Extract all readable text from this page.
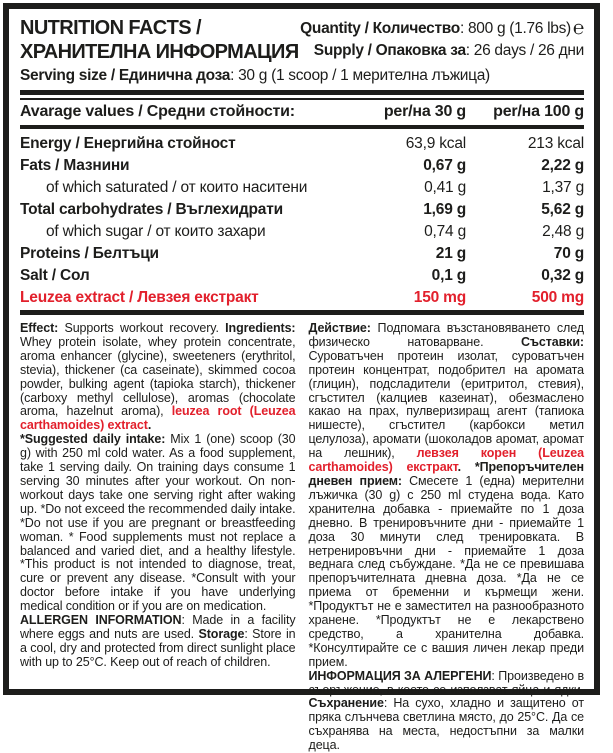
NUTRITION FACTS /
ХРАНИТЕЛНА ИНФОРМАЦИЯ
Quantity / Количество: 800 g (1.76 lbs) ℮
Supply / Опаковка за: 26 days / 26 дни
Serving size / Единична доза: 30 g (1 scoop / 1 мерителна лъжица)
Avarage values / Средни стойности:	per/на 30 g	per/на 100 g
Energy / Енергийна стойност	63,9 kcal	213 kcal
Fats / Мазнини	0,67 g	2,22 g
of which saturated / от които наситени	0,41 g	1,37 g
Total carbohydrates / Въглехидрати	1,69 g	5,62 g
of which sugar / от които захари	0,74 g	2,48 g
Proteins / Белтъци	21 g	70 g
Salt / Сол	0,1 g	0,32 g
Leuzea extract / Левзея екстракт	150 mg	500 mg

Effect: Supports workout recovery. Ingredients: Whey protein isolate, whey protein concentrate, aroma enhancer (glycine), sweeteners (erythritol, stevia), thickener (ca caseinate), skimmed cocoa powder, bulking agent (tapioka starch), thickener (carboxy methyl cellulose), aromas (chocolate aroma, hazelnut aroma), leuzea root (Leuzea carthamoides) extract.

*Suggested daily intake: Mix 1 (one) scoop (30 g) with 250 ml cold water. As a food supplement, take 1 serving daily. On training days consume 1 serving 30 minutes after your workout. On non-workout days take one serving right after waking up. *Do not exceed the recommended daily intake. *Do not use if you are pregnant or breastfeeding woman. * Food supplements must not replace a balanced and varied diet, and a healthy lifestyle. *This product is not intended to diagnose, treat, cure or prevent any disease. *Consult with your doctor before intake if you have underlying medical condition or if you are on medication.

ALLERGEN INFORMATION: Made in a facility where eggs and nuts are used. Storage: Store in a cool, dry and protected from direct sunlight place with up to 25°C. Keep out of reach of children.

Действие: Подпомага възстановяването след физическо натоварване. Съставки: Суроватъчен протеин изолат, суроватъчен протеин концентрат, подобрител на аромата (глицин), подсладители (еритритол, стевия), сгъстител (калциев казеинат), обезмаслено какао на прах, пулверизиращ агент (тапиока нишесте), сгъстител (карбокси метил целулоза), аромати (шоколадов аромат, аромат на лешник), левзея корен (Leuzea carthamoides) екстракт. *Препоръчителен дневен прием: Смесете 1 (една) мерителни лъжичка (30 g) с 250 ml студена вода. Като хранителна добавка - приемайте по 1 доза дневно. В тренировъчните дни - приемайте 1 доза 30 минути след тренировката. В нетренировъчни дни - приемайте 1 доза веднага след събуждане. *Да не се превишава препоръчителната дневна доза. *Да не се приема от бременни и кърмещи жени. *Продуктът не е заместител на разнообразното хранене. *Продуктът не е лекарствено средство, а хранителна добавка. *Консултирайте се с вашия личен лекар преди прием.

ИНФОРМАЦИЯ ЗА АЛЕРГЕНИ: Произведено в съоръжение, в което се използват яйца и ядки. Съхранение: На сухо, хладно и защитено от пряка слънчева светлина място, до 25°C. Да се съхранява на места, недостъпни за малки деца.
